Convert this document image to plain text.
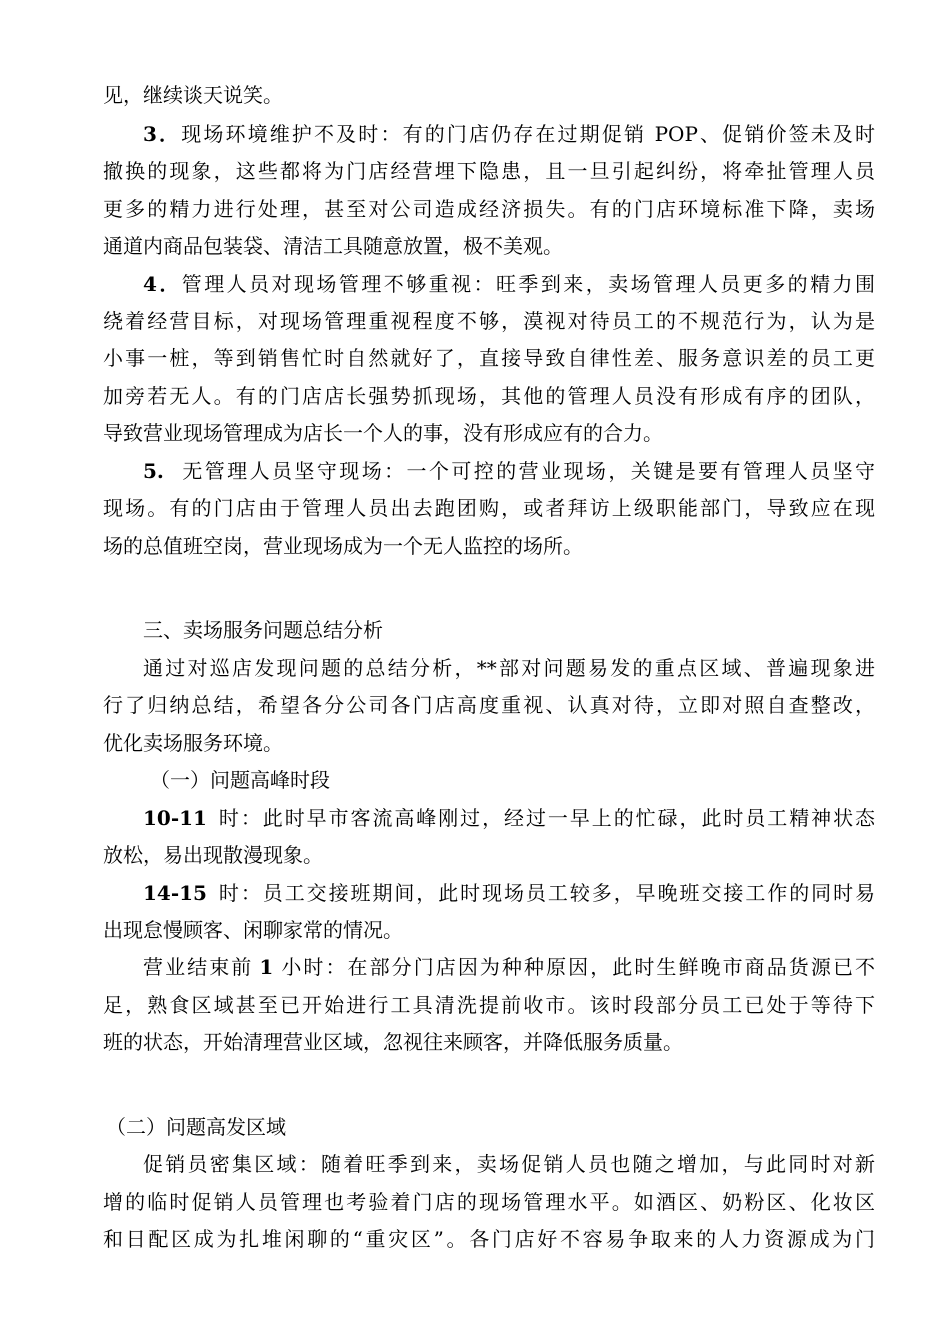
见，继续谈天说笑。
3．现场环境维护不及时：有的门店仍存在过期促销 POP、促销价签未及时
撤换的现象，这些都将为门店经营埋下隐患，且一旦引起纠纷，将牵扯管理人员
更多的精力进行处理，甚至对公司造成经济损失。有的门店环境标准下降，卖场
通道内商品包装袋、清洁工具随意放置，极不美观。
4．管理人员对现场管理不够重视：旺季到来，卖场管理人员更多的精力围
绕着经营目标，对现场管理重视程度不够，漠视对待员工的不规范行为，认为是
小事一桩，等到销售忙时自然就好了，直接导致自律性差、服务意识差的员工更
加旁若无人。有的门店店长强势抓现场，其他的管理人员没有形成有序的团队，
导致营业现场管理成为店长一个人的事，没有形成应有的合力。
5. 无管理人员坚守现场：一个可控的营业现场，关键是要有管理人员坚守
现场。有的门店由于管理人员出去跑团购，或者拜访上级职能部门，导致应在现
场的总值班空岗，营业现场成为一个无人监控的场所。
三、卖场服务问题总结分析
通过对巡店发现问题的总结分析，**部对问题易发的重点区域、普遍现象进
行了归纳总结，希望各分公司各门店高度重视、认真对待，立即对照自查整改，
优化卖场服务环境。
（一）问题高峰时段
10-11 时：此时早市客流高峰刚过，经过一早上的忙碌，此时员工精神状态
放松，易出现散漫现象。
14-15 时：员工交接班期间，此时现场员工较多，早晚班交接工作的同时易
出现怠慢顾客、闲聊家常的情况。
营业结束前 1 小时：在部分门店因为种种原因，此时生鲜晚市商品货源已不
足，熟食区域甚至已开始进行工具清洗提前收市。该时段部分员工已处于等待下
班的状态，开始清理营业区域，忽视往来顾客，并降低服务质量。
（二）问题高发区域
促销员密集区域：随着旺季到来，卖场促销人员也随之增加，与此同时对新
增的临时促销人员管理也考验着门店的现场管理水平。如酒区、奶粉区、化妆区
和日配区成为扎堆闲聊的“重灾区”。各门店好不容易争取来的人力资源成为门
